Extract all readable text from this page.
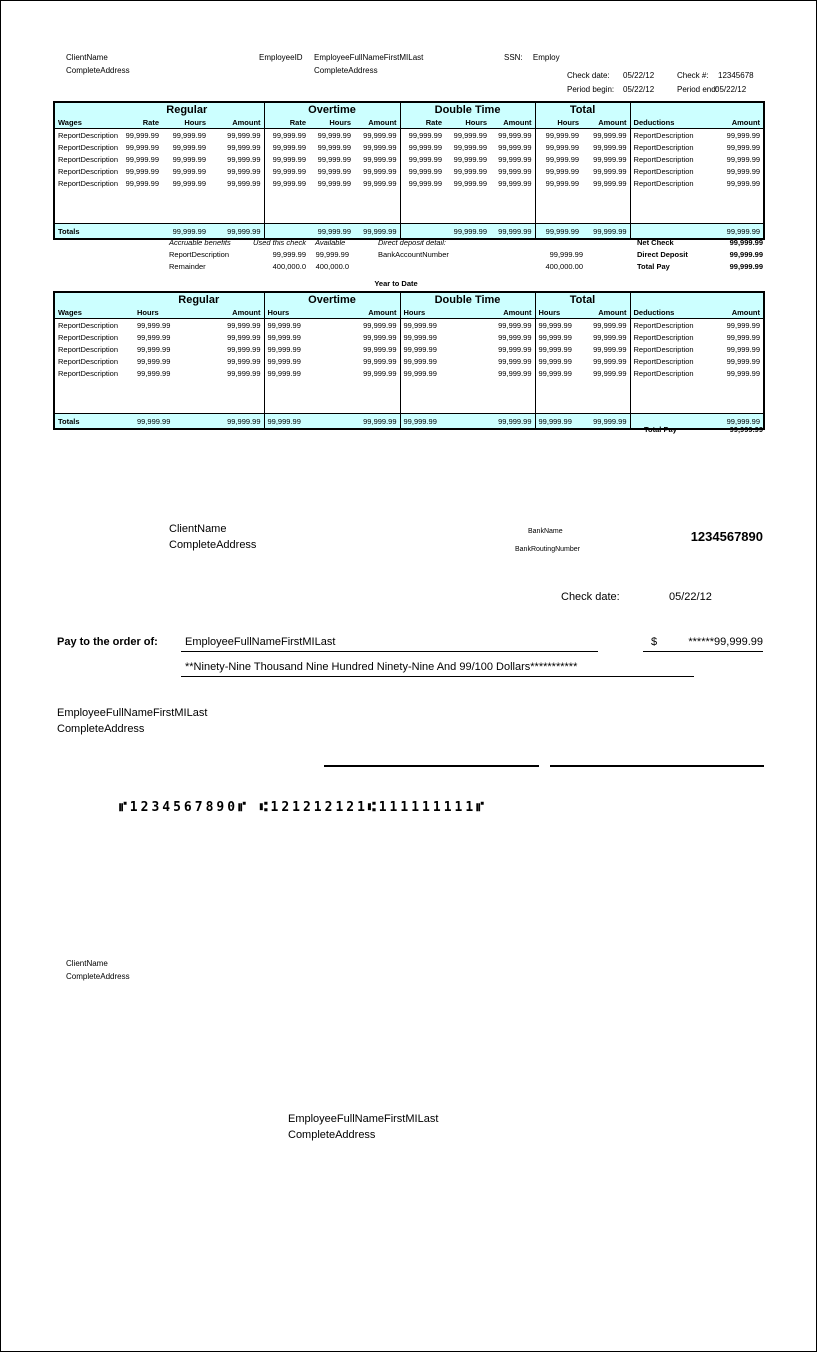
ClientName
CompleteAddress
EmployeeID EmployeeFullNameFirstMILast
CompleteAddress
SSN: Employ
Check date: 05/22/12	Check #: 12345678
Period begin: 05/22/12	Period end:
05/22/12
	Regular			Overtime			Double Time			Total			
Wages	Rate	Hours	Amount	Rate	Hours	Amount	Rate	Hours	Amount	Hours	Amount	Deductions	Amount
ReportDescription	99,999.99	99,999.99	99,999.99	99,999.99	99,999.99	99,999.99	99,999.99	99,999.99	99,999.99	99,999.99	99,999.99	ReportDescription	99,999.99
ReportDescription	99,999.99	99,999.99	99,999.99	99,999.99	99,999.99	99,999.99	99,999.99	99,999.99	99,999.99	99,999.99	99,999.99	ReportDescription	99,999.99
ReportDescription	99,999.99	99,999.99	99,999.99	99,999.99	99,999.99	99,999.99	99,999.99	99,999.99	99,999.99	99,999.99	99,999.99	ReportDescription	99,999.99
ReportDescription	99,999.99	99,999.99	99,999.99	99,999.99	99,999.99	99,999.99	99,999.99	99,999.99	99,999.99	99,999.99	99,999.99	ReportDescription	99,999.99
ReportDescription	99,999.99	99,999.99	99,999.99	99,999.99	99,999.99	99,999.99	99,999.99	99,999.99	99,999.99	99,999.99	99,999.99	ReportDescription	99,999.99

Totals		99,999.99	99,999.99		99,999.99	99,999.99		99,999.99	99,999.99	99,999.99	99,999.99		99,999.99
Accruable benefits	Used this check Available	Direct deposit detail:	Net Check	99,999.99
ReportDescription	99,999.99	99,999.99	BankAccountNumber	99,999.99	Direct Deposit	99,999.99
Remainder	400,000.0	400,000.0	400,000.00	Total Pay	99,999.99
Year to Date
	Regular		Overtime		Double Time		Total			
Wages	Hours	Amount	Hours	Amount	Hours	Amount	Hours	Amount	Deductions	Amount
ReportDescription	99,999.99	99,999.99	99,999.99	99,999.99	99,999.99	99,999.99	99,999.99	99,999.99	ReportDescription	99,999.99
ReportDescription	99,999.99	99,999.99	99,999.99	99,999.99	99,999.99	99,999.99	99,999.99	99,999.99	ReportDescription	99,999.99
ReportDescription	99,999.99	99,999.99	99,999.99	99,999.99	99,999.99	99,999.99	99,999.99	99,999.99	ReportDescription	99,999.99
ReportDescription	99,999.99	99,999.99	99,999.99	99,999.99	99,999.99	99,999.99	99,999.99	99,999.99	ReportDescription	99,999.99
ReportDescription	99,999.99	99,999.99	99,999.99	99,999.99	99,999.99	99,999.99	99,999.99	99,999.99	ReportDescription	99,999.99

Totals	99,999.99	99,999.99	99,999.99	99,999.99	99,999.99	99,999.99	99,999.99	99,999.99		99,999.99
Total Pay	99,999.99
ClientName
CompleteAddress
BankName
BankRoutingNumber
1234567890
Check date:	05/22/12
Pay to the order of: EmployeeFullNameFirstMILast	$	******99,999.99
**Ninety-Nine Thousand Nine Hundred Ninety-Nine And 99/100 Dollars***********
EmployeeFullNameFirstMILast
CompleteAddress
⑈1234567890⑈ ⑆121212121⑆111111111⑈
ClientName
CompleteAddress
EmployeeFullNameFirstMILast
CompleteAddress
